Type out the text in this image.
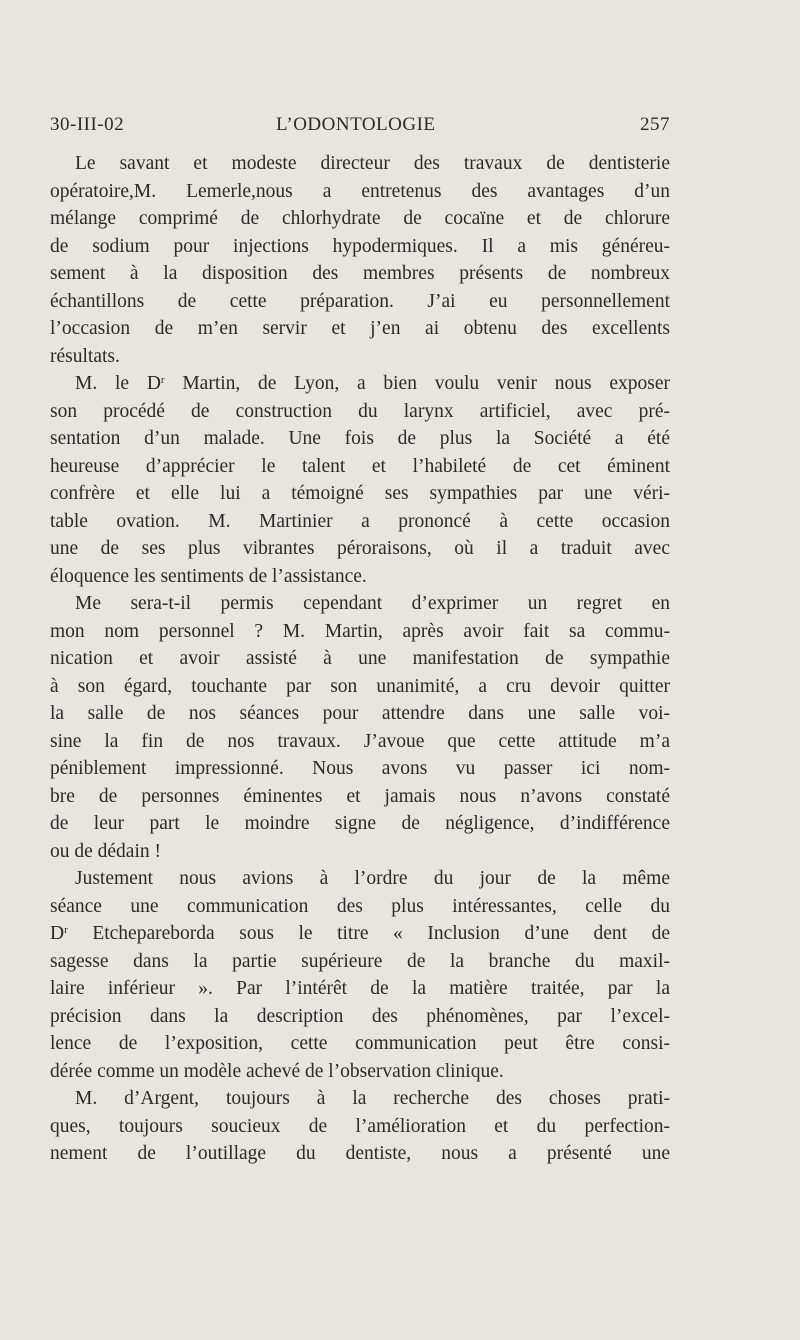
30-III-02	L’ODONTOLOGIE	257
Le savant et modeste directeur des travaux de dentisterie
opératoire,M. Lemerle,nous a entretenus des avantages d’un
mélange comprimé de chlorhydrate de cocaïne et de chlorure
de sodium pour injections hypodermiques. Il a mis généreu-
sement à la disposition des membres présents de nombreux
échantillons de cette préparation. J’ai eu personnellement
l’occasion de m’en servir et j’en ai obtenu des excellents
résultats.
M. le $D^r$ Martin, de Lyon, a bien voulu venir nous exposer
son procédé de construction du larynx artificiel, avec pré-
sentation d’un malade. Une fois de plus la Société a été
heureuse d’apprécier le talent et l’habileté de cet éminent
confrère et elle lui a témoigné ses sympathies par une véri-
table ovation. M. Martinier a prononcé à cette occasion
une de ses plus vibrantes péroraisons, où il a traduit avec
éloquence les sentiments de l’assistance.
Me sera-t-il permis cependant d’exprimer un regret en
mon nom personnel ? M. Martin, après avoir fait sa commu-
nication et avoir assisté à une manifestation de sympathie
à son égard, touchante par son unanimité, a cru devoir quitter
la salle de nos séances pour attendre dans une salle voi-
sine la fin de nos travaux. J’avoue que cette attitude m’a
péniblement impressionné. Nous avons vu passer ici nom-
bre de personnes éminentes et jamais nous n’avons constaté
de leur part le moindre signe de négligence, d’indifférence
ou de dédain !
Justement nous avions à l’ordre du jour de la même
séance une communication des plus intéressantes, celle du
$D^r$ Etchepareborda sous le titre « Inclusion d’une dent de
sagesse dans la partie supérieure de la branche du maxil-
laire inférieur ». Par l’intérêt de la matière traitée, par la
précision dans la description des phénomènes, par l’excel-
lence de l’exposition, cette communication peut être consi-
dérée comme un modèle achevé de l’observation clinique.
M. d’Argent, toujours à la recherche des choses prati-
ques, toujours soucieux de l’amélioration et du perfection-
nement de l’outillage du dentiste, nous a présenté une
